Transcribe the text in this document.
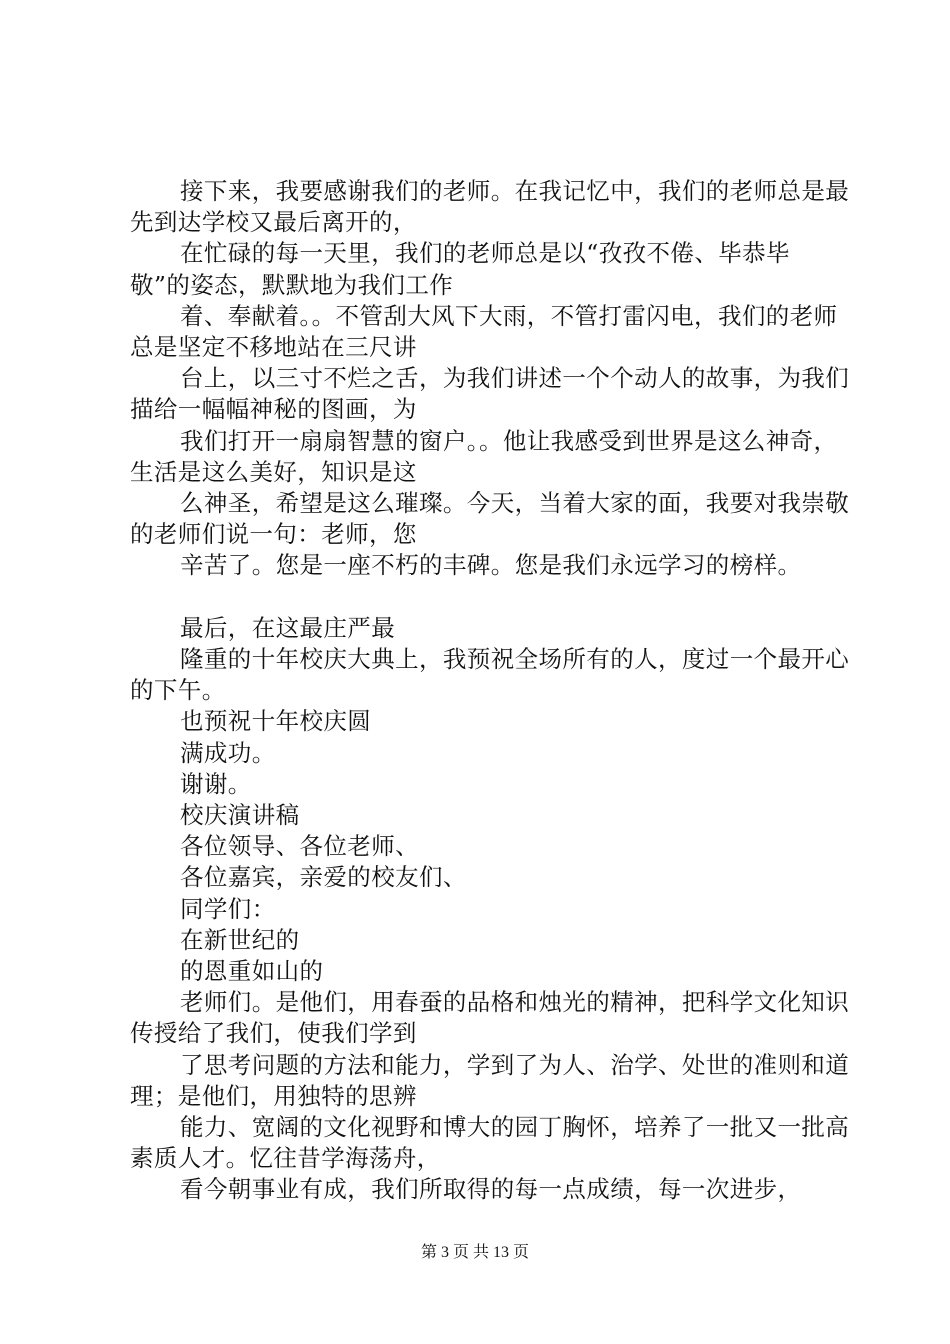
接下来，我要感谢我们的老师。在我记忆中，我们的老师总是最先到达学校又最后离开的，

在忙碌的每一天里，我们的老师总是以“孜孜不倦、毕恭毕敬”的姿态，默默地为我们工作

着、奉献着。。不管刮大风下大雨，不管打雷闪电，我们的老师总是坚定不移地站在三尺讲

台上，以三寸不烂之舌，为我们讲述一个个动人的故事，为我们描给一幅幅神秘的图画，为

我们打开一扇扇智慧的窗户。。他让我感受到世界是这么神奇，生活是这么美好，知识是这

么神圣，希望是这么璀璨。今天，当着大家的面，我要对我崇敬的老师们说一句：老师，您

辛苦了。您是一座不朽的丰碑。您是我们永远学习的榜样。

最后，在这最庄严最

隆重的十年校庆大典上，我预祝全场所有的人，度过一个最开心的下午。

也预祝十年校庆圆

满成功。

谢谢。

校庆演讲稿

各位领导、各位老师、

各位嘉宾，亲爱的校友们、

同学们：

在新世纪的

的恩重如山的

老师们。是他们，用春蚕的品格和烛光的精神，把科学文化知识传授给了我们，使我们学到

了思考问题的方法和能力，学到了为人、治学、处世的准则和道理；是他们，用独特的思辨

能力、宽阔的文化视野和博大的园丁胸怀，培养了一批又一批高素质人才。忆往昔学海荡舟，

看今朝事业有成，我们所取得的每一点成绩，每一次进步，

第 3 页 共 13 页
